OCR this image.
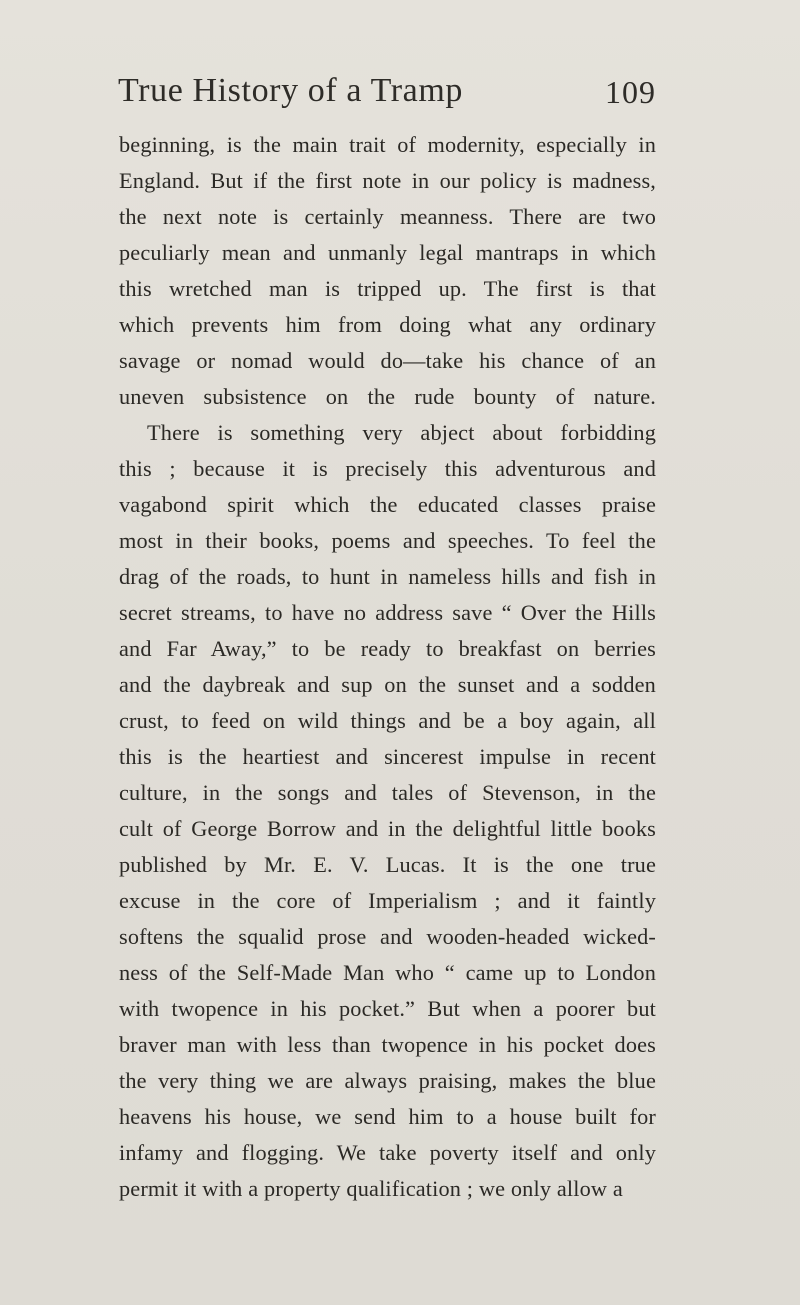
True History of a Tramp	109
beginning, is the main trait of modernity, especially in
England. But if the first note in our policy is madness,
the next note is certainly meanness. There are two
peculiarly mean and unmanly legal mantraps in which
this wretched man is tripped up. The first is that
which prevents him from doing what any ordinary
savage or nomad would do—take his chance of an
uneven subsistence on the rude bounty of nature.
There is something very abject about forbidding
this ; because it is precisely this adventurous and
vagabond spirit which the educated classes praise
most in their books, poems and speeches. To feel the
drag of the roads, to hunt in nameless hills and fish in
secret streams, to have no address save “ Over the Hills
and Far Away,” to be ready to breakfast on berries
and the daybreak and sup on the sunset and a sodden
crust, to feed on wild things and be a boy again, all
this is the heartiest and sincerest impulse in recent
culture, in the songs and tales of Stevenson, in the
cult of George Borrow and in the delightful little books
published by Mr. E. V. Lucas. It is the one true
excuse in the core of Imperialism ; and it faintly
softens the squalid prose and wooden-headed wicked-
ness of the Self-Made Man who “ came up to London
with twopence in his pocket.” But when a poorer but
braver man with less than twopence in his pocket does
the very thing we are always praising, makes the blue
heavens his house, we send him to a house built for
infamy and flogging. We take poverty itself and only
permit it with a property qualification ; we only allow a
